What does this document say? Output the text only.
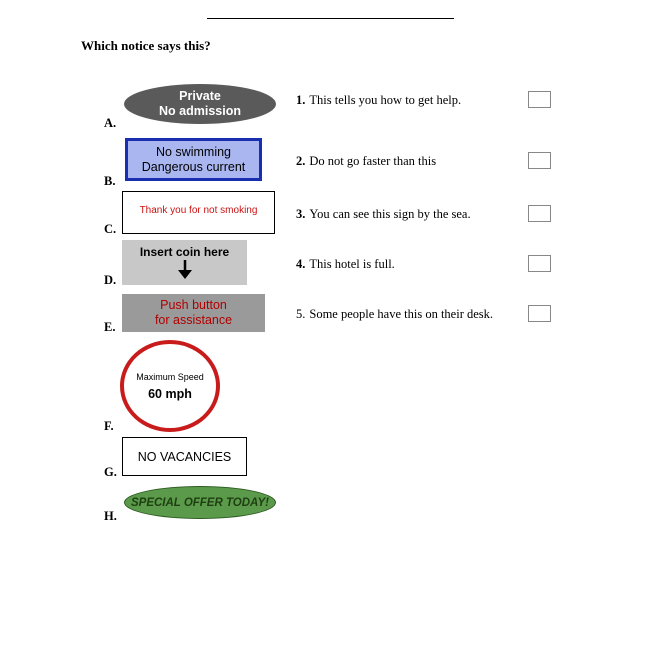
Which notice says this?
Private
No admission
A.
No swimming
Dangerous current
B.
Thank you for not smoking
C.
Insert coin here
D.
Push button
for assistance
E.
Maximum Speed
60 mph
F.
NO VACANCIES
G.
SPECIAL OFFER TODAY!
H.
1. This tells you how to get help.
2. Do not go faster than this
3. You can see this sign by the sea.
4. This hotel is full.
5. Some people have this on their desk.
